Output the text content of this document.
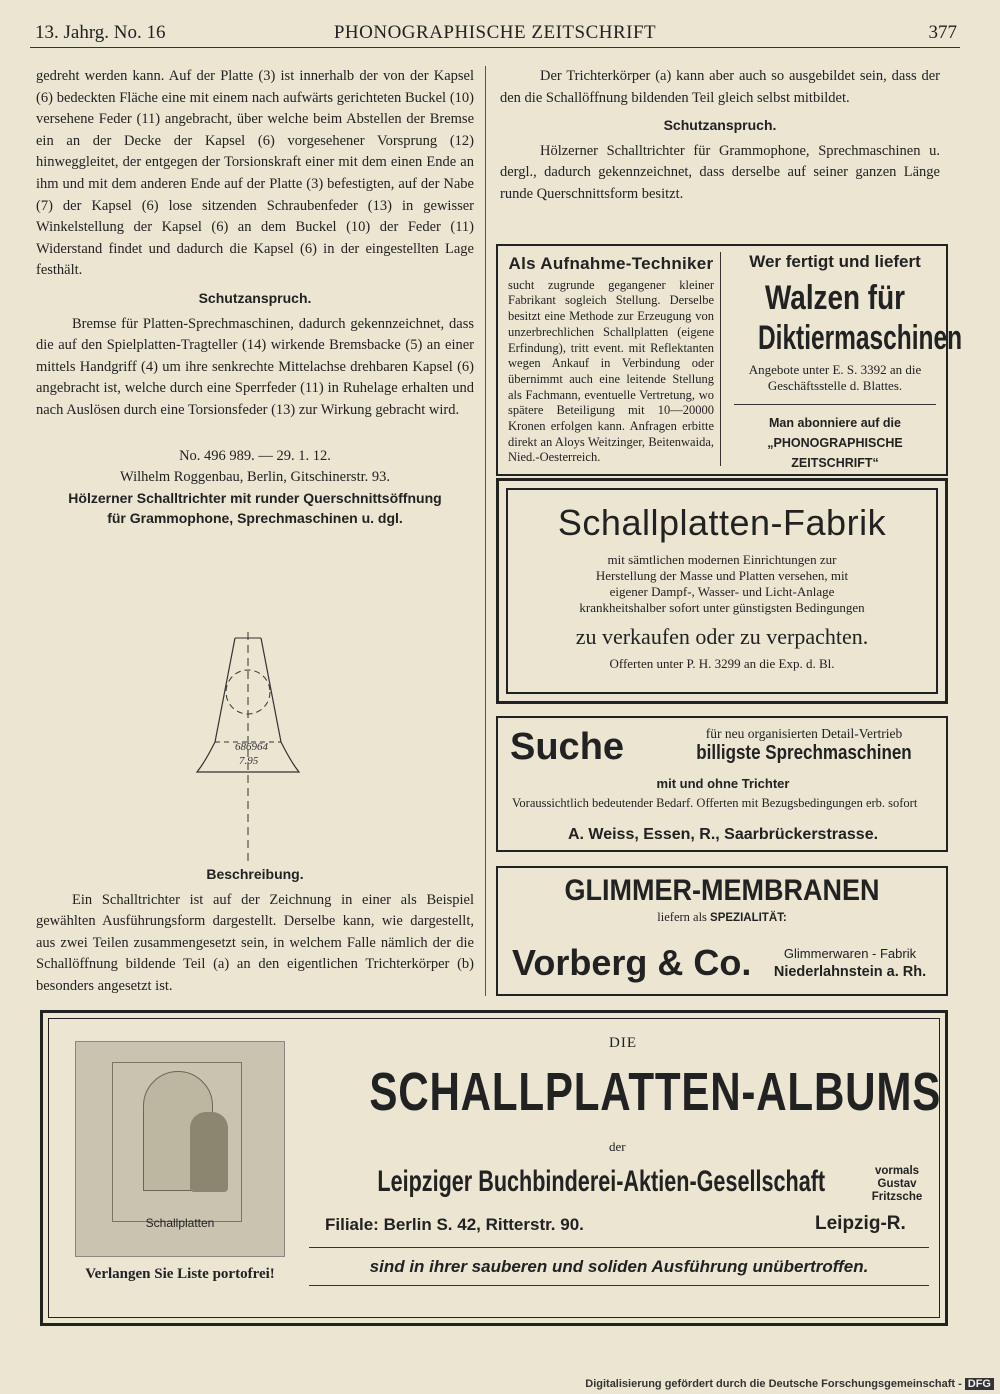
13. Jahrg. No. 16	PHONOGRAPHISCHE ZEITSCHRIFT	377

gedreht werden kann. Auf der Platte (3) ist innerhalb der von der Kapsel (6) bedeckten Fläche eine mit einem nach aufwärts gerichteten Buckel (10) versehene Feder (11) angebracht, über welche beim Abstellen der Bremse ein an der Decke der Kapsel (6) vorgesehener Vorsprung (12) hinweggleitet, der entgegen der Torsionskraft einer mit dem einen Ende an ihm und mit dem anderen Ende auf der Platte (3) befestigten, auf der Nabe (7) der Kapsel (6) lose sitzenden Schraubenfeder (13) in gewisser Winkelstellung der Kapsel (6) an dem Buckel (10) der Feder (11) Widerstand findet und dadurch die Kapsel (6) in der eingestellten Lage festhält.

Schutzanspruch.

Bremse für Platten-Sprechmaschinen, dadurch gekennzeichnet, dass die auf den Spielplatten-Tragteller (14) wirkende Bremsbacke (5) an einer mittels Handgriff (4) um ihre senkrechte Mittelachse drehbaren Kapsel (6) angebracht ist, welche durch eine Sperrfeder (11) in Ruhelage erhalten und nach Auslösen durch eine Torsionsfeder (13) zur Wirkung gebracht wird.

No. 496 989. — 29. 1. 12.
Wilhelm Roggenbau, Berlin, Gitschinerstr. 93.
Hölzerner Schalltrichter mit runder Querschnittsöffnung
für Grammophone, Sprechmaschinen u. dgl.
686964
7.95
Beschreibung.

Ein Schalltrichter ist auf der Zeichnung in einer als Beispiel gewählten Ausführungsform dargestellt. Derselbe kann, wie dargestellt, aus zwei Teilen zusammengesetzt sein, in welchem Falle nämlich der die Schallöffnung bildende Teil (a) an den eigentlichen Trichterkörper (b) besonders angesetzt ist.

Der Trichterkörper (a) kann aber auch so ausgebildet sein, dass der den die Schallöffnung bildenden Teil gleich selbst mitbildet.

Schutzanspruch.

Hölzerner Schalltrichter für Grammophone, Sprechmaschinen u. dergl., dadurch gekennzeichnet, dass derselbe auf seiner ganzen Länge runde Querschnittsform besitzt.

Als Aufnahme-Techniker

sucht zugrunde gegangener kleiner Fabrikant sogleich Stellung. Derselbe besitzt eine Methode zur Erzeugung von unzerbrechlichen Schallplatten (eigene Erfindung), tritt event. mit Reflektanten wegen Ankauf in Verbindung oder übernimmt auch eine leitende Stellung als Fachmann, eventuelle Vertretung, wo spätere Beteiligung mit 10—20000 Kronen erfolgen kann. Anfragen erbitte direkt an Aloys Weitzinger, Beitenwaida, Nied.-Oesterreich.

Wer fertigt und liefert
Walzen für
Diktiermaschinen
Angebote unter E. S. 3392 an die Geschäftsstelle d. Blattes.
Man abonniere auf die
„PHONOGRAPHISCHE ZEITSCHRIFT“
Schallplatten-Fabrik
mit sämtlichen modernen Einrichtungen zur Herstellung der Masse und Platten versehen, mit eigener Dampf-, Wasser- und Licht-Anlage krankheitshalber sofort unter günstigsten Bedingungen
zu verkaufen oder zu verpachten.
Offerten unter P. H. 3299 an die Exp. d. Bl.
Suche	für neu organisierten Detail-Vertrieb
billigste Sprechmaschinen
mit und ohne Trichter
Voraussichtlich bedeutender Bedarf. Offerten mit Bezugsbedingungen erb. sofort
A. Weiss, Essen, R., Saarbrückerstrasse.
GLIMMER-MEMBRANEN
liefern als SPEZIALITÄT:
Vorberg & Co.	Glimmerwaren - Fabrik
Niederlahnstein a. Rh.
Schallplatten
Verlangen Sie Liste portofrei!
DIE
SCHALLPLATTEN-ALBUMS
der
Leipziger Buchbinderei-Aktien-Gesellschaft	vormals Gustav Fritzsche
Filiale: Berlin S. 42, Ritterstr. 90.	Leipzig-R.
sind in ihrer sauberen und soliden Ausführung unübertroffen.
Digitalisierung gefördert durch die Deutsche Forschungsgemeinschaft - DFG
